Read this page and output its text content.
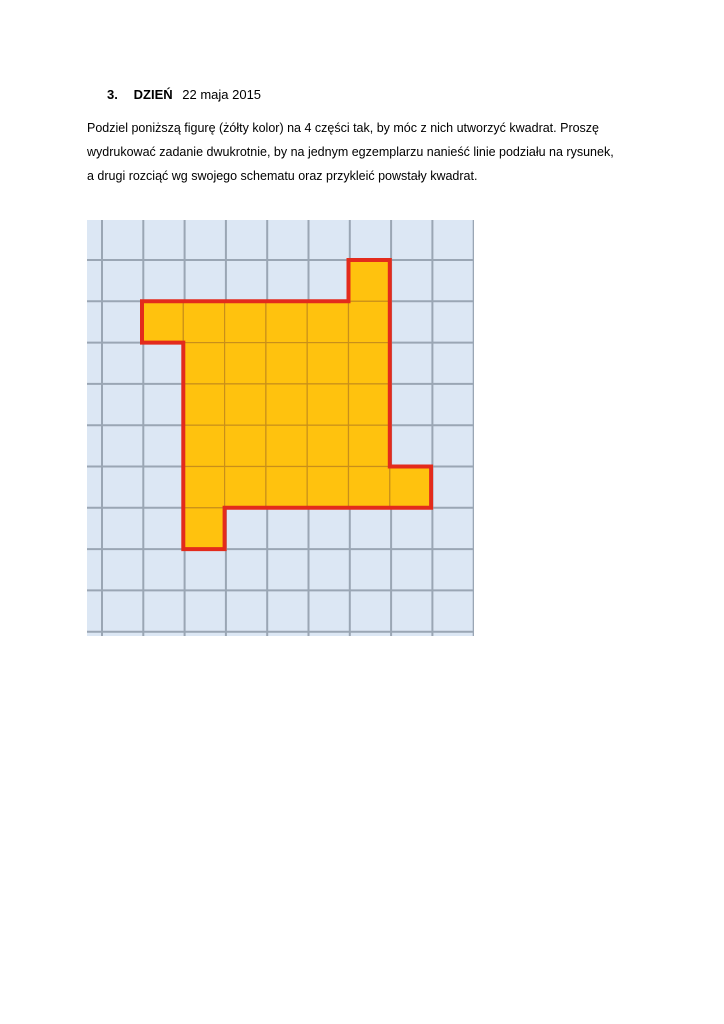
3. DZIEŃ 22 maja 2015

Podziel poniższą figurę (żółty kolor) na 4 części tak, by móc z nich utworzyć kwadrat. Proszę

wydrukować zadanie dwukrotnie, by na jednym egzemplarzu nanieść linie podziału na rysunek,

a drugi rozciąć wg swojego schematu oraz przykleić powstały kwadrat.
